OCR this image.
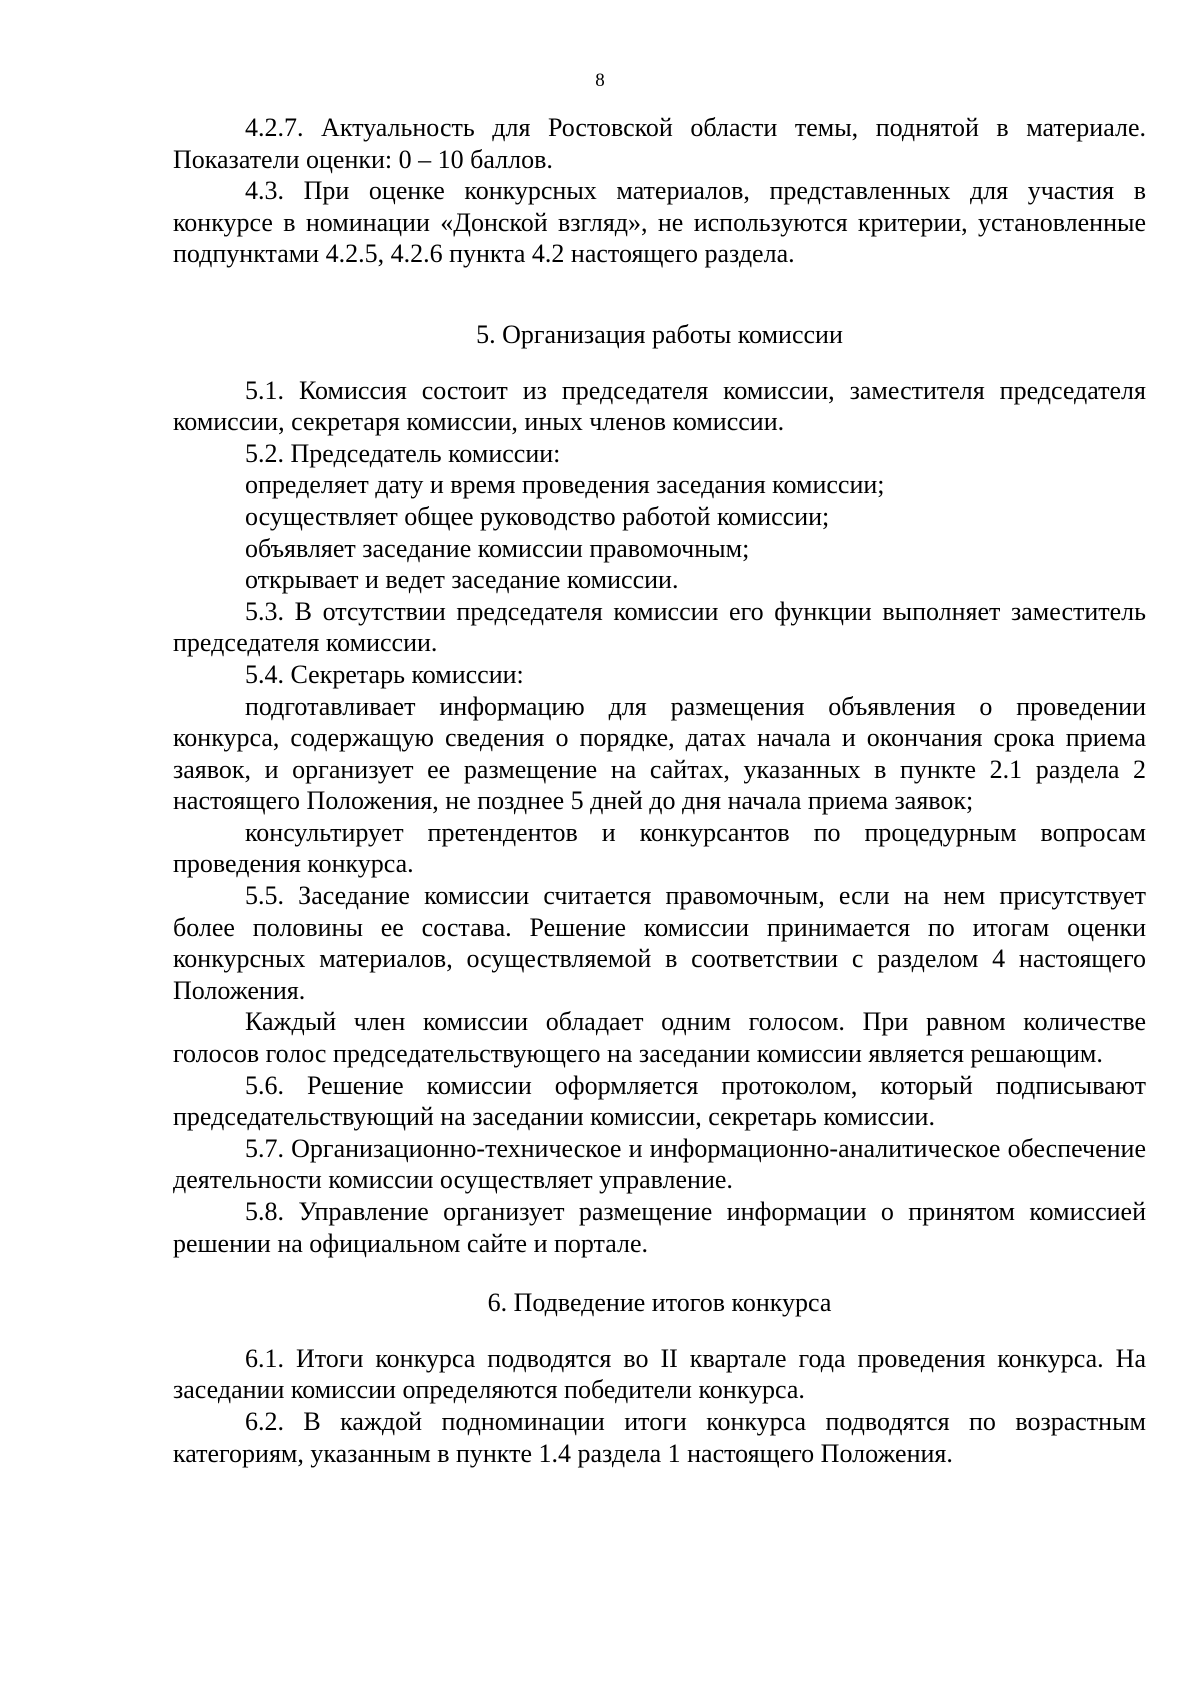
8

4.2.7. Актуальность для Ростовской области темы, поднятой в материале. Показатели оценки: 0 – 10 баллов.

4.3. При оценке конкурсных материалов, представленных для участия в конкурсе в номинации «Донской взгляд», не используются критерии, установленные подпунктами 4.2.5, 4.2.6 пункта 4.2 настоящего раздела.

5. Организация работы комиссии

5.1. Комиссия состоит из председателя комиссии, заместителя председателя комиссии, секретаря комиссии, иных членов комиссии.

5.2. Председатель комиссии:

определяет дату и время проведения заседания комиссии;

осуществляет общее руководство работой комиссии;

объявляет заседание комиссии правомочным;

открывает и ведет заседание комиссии.

5.3. В отсутствии председателя комиссии его функции выполняет заместитель председателя комиссии.

5.4. Секретарь комиссии:

подготавливает информацию для размещения объявления о проведении конкурса, содержащую сведения о порядке, датах начала и окончания срока приема заявок, и организует ее размещение на сайтах, указанных в пункте 2.1 раздела 2 настоящего Положения, не позднее 5 дней до дня начала приема заявок;

консультирует претендентов и конкурсантов по процедурным вопросам проведения конкурса.

5.5. Заседание комиссии считается правомочным, если на нем присутствует более половины ее состава. Решение комиссии принимается по итогам оценки конкурсных материалов, осуществляемой в соответствии с разделом 4 настоящего Положения.

Каждый член комиссии обладает одним голосом. При равном количестве голосов голос председательствующего на заседании комиссии является решающим.

5.6. Решение комиссии оформляется протоколом, который подписывают председательствующий на заседании комиссии, секретарь комиссии.

5.7. Организационно-техническое и информационно-аналитическое обеспечение деятельности комиссии осуществляет управление.

5.8. Управление организует размещение информации о принятом комиссией решении на официальном сайте и портале.

6. Подведение итогов конкурса

6.1. Итоги конкурса подводятся во II квартале года проведения конкурса. На заседании комиссии определяются победители конкурса.

6.2. В каждой подноминации итоги конкурса подводятся по возрастным категориям, указанным в пункте 1.4 раздела 1 настоящего Положения.
